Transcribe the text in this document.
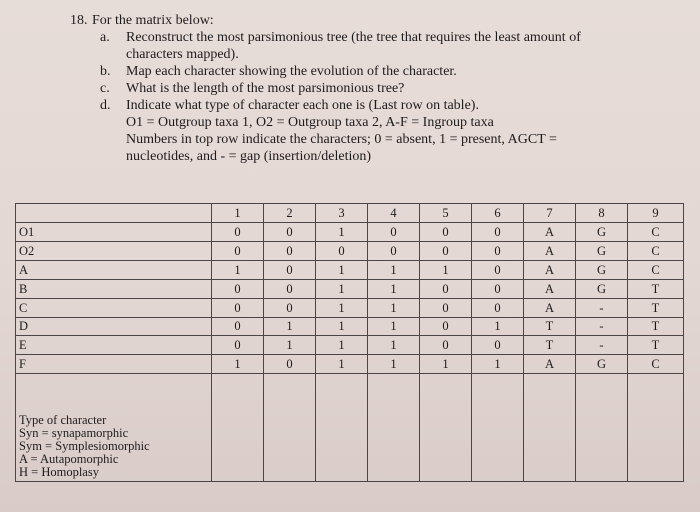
18. For the matrix below:
a.	Reconstruct the most parsimonious tree (the tree that requires the least amount of
characters mapped).
b.	Map each character showing the evolution of the character.
c.	What is the length of the most parsimonious tree?
d.	Indicate what type of character each one is (Last row on table).
O1 = Outgroup taxa 1, O2 = Outgroup taxa 2, A-F = Ingroup taxa
Numbers in top row indicate the characters; 0 = absent, 1 = present, AGCT =
nucleotides, and - = gap (insertion/deletion)
	1	2	3	4	5	6	7	8	9
O1	0	0	1	0	0	0	A	G	C
O2	0	0	0	0	0	0	A	G	C
A	1	0	1	1	1	0	A	G	C
B	0	0	1	1	0	0	A	G	T
C	0	0	1	1	0	0	A	-	T
D	0	1	1	1	0	1	T	-	T
E	0	1	1	1	0	0	T	-	T
F	1	0	1	1	1	1	A	G	C

Type of character
Syn = synapamorphic
Sym = Symplesiomorphic
A = Autapomorphic
H = Homoplasy									
